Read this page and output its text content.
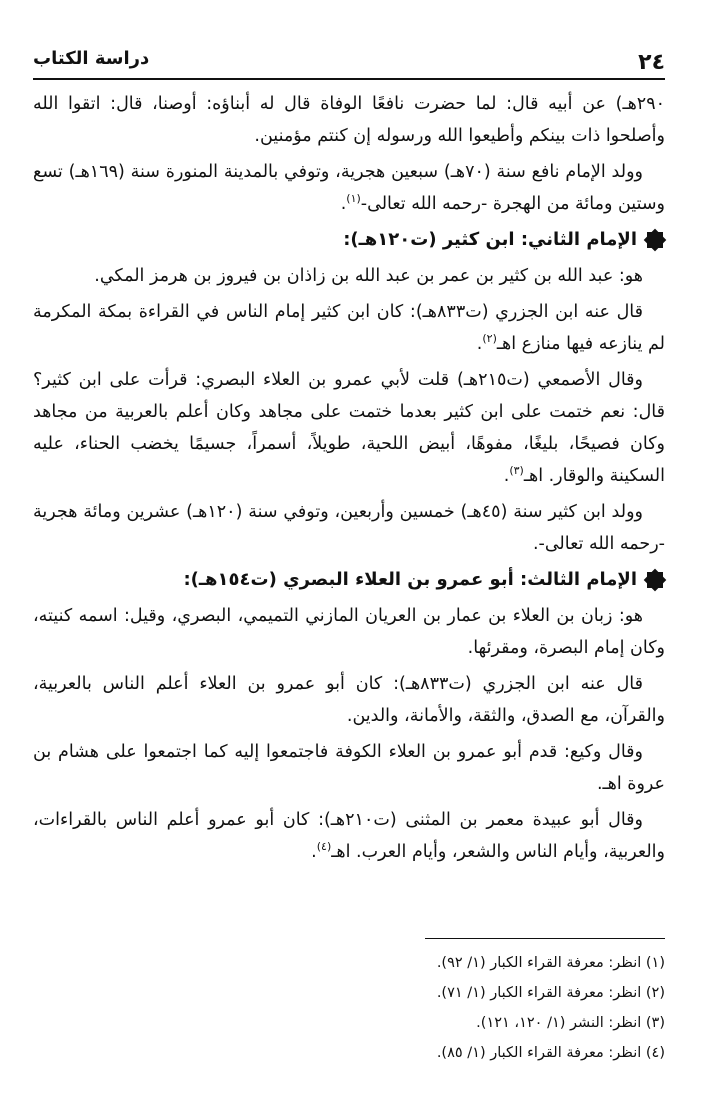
٢٤
دراسة الكتاب

٢٩٠هـ) عن أبيه قال: لما حضرت نافعًا الوفاة قال له أبناؤه: أوصنا، قال: اتقوا الله وأصلحوا ذات بينكم وأطيعوا الله ورسوله إن كنتم مؤمنين.

وولد الإمام نافع سنة (٧٠هـ) سبعين هجرية، وتوفي بالمدينة المنورة سنة (١٦٩هـ) تسع وستين ومائة من الهجرة -رحمه الله تعالى-$^{(١)}$.

الإمام الثاني: ابن كثير (ت١٢٠هـ):

هو: عبد الله بن كثير بن عمر بن عبد الله بن زاذان بن فيروز بن هرمز المكي.

قال عنه ابن الجزري (ت٨٣٣هـ): كان ابن كثير إمام الناس في القراءة بمكة المكرمة لم ينازعه فيها منازع اهـ$^{(٢)}$.

وقال الأصمعي (ت٢١٥هـ) قلت لأبي عمرو بن العلاء البصري: قرأت على ابن كثير؟ قال: نعم ختمت على ابن كثير بعدما ختمت على مجاهد وكان أعلم بالعربية من مجاهد وكان فصيحًا، بليغًا، مفوهًا، أبيض اللحية، طويلاً، أسمراً، جسيمًا يخضب الحناء، عليه السكينة والوقار. اهـ$^{(٣)}$.

وولد ابن كثير سنة (٤٥هـ) خمسين وأربعين، وتوفي سنة (١٢٠هـ) عشرين ومائة هجرية -رحمه الله تعالى-.

الإمام الثالث: أبو عمرو بن العلاء البصري (ت١٥٤هـ):

هو: زبان بن العلاء بن عمار بن العريان المازني التميمي، البصري، وقيل: اسمه كنيته، وكان إمام البصرة، ومقرئها.

قال عنه ابن الجزري (ت٨٣٣هـ): كان أبو عمرو بن العلاء أعلم الناس بالعربية، والقرآن، مع الصدق، والثقة، والأمانة، والدين.

وقال وكيع: قدم أبو عمرو بن العلاء الكوفة فاجتمعوا إليه كما اجتمعوا على هشام بن عروة اهـ.

وقال أبو عبيدة معمر بن المثنى (ت٢١٠هـ): كان أبو عمرو أعلم الناس بالقراءات، والعربية، وأيام الناس والشعر، وأيام العرب. اهـ$^{(٤)}$.

(١) انظر: معرفة القراء الكبار (١/ ٩٢).

(٢) انظر: معرفة القراء الكبار (١/ ٧١).

(٣) انظر: النشر (١/ ١٢٠، ١٢١).

(٤) انظر: معرفة القراء الكبار (١/ ٨٥).
